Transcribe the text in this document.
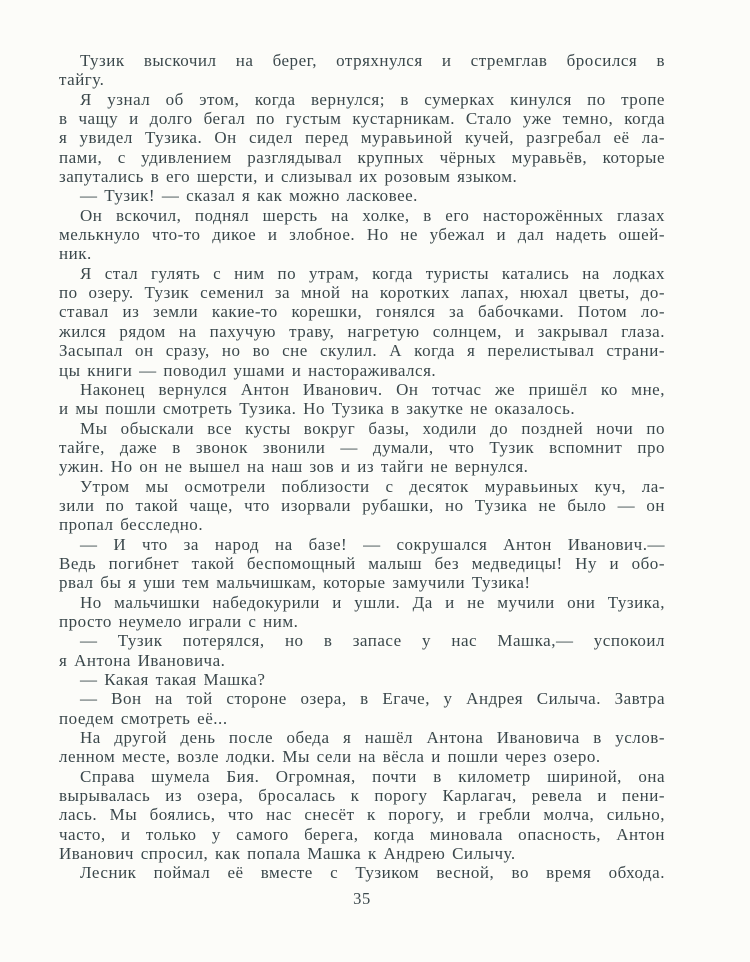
Тузик выскочил на берег, отряхнулся и стремглав бросился в
тайгу.
Я узнал об этом, когда вернулся; в сумерках кинулся по тропе
в чащу и долго бегал по густым кустарникам. Стало уже темно, когда
я увидел Тузика. Он сидел перед муравьиной кучей, разгребал её ла-
пами, с удивлением разглядывал крупных чёрных муравьёв, которые
запутались в его шерсти, и слизывал их розовым языком.
— Тузик! — сказал я как можно ласковее.
Он вскочил, поднял шерсть на холке, в его насторожённых глазах
мелькнуло что-то дикое и злобное. Но не убежал и дал надеть ошей-
ник.
Я стал гулять с ним по утрам, когда туристы катались на лодках
по озеру. Тузик семенил за мной на коротких лапах, нюхал цветы, до-
ставал из земли какие-то корешки, гонялся за бабочками. Потом ло-
жился рядом на пахучую траву, нагретую солнцем, и закрывал глаза.
Засыпал он сразу, но во сне скулил. А когда я перелистывал страни-
цы книги — поводил ушами и настораживался.
Наконец вернулся Антон Иванович. Он тотчас же пришёл ко мне,
и мы пошли смотреть Тузика. Но Тузика в закутке не оказалось.
Мы обыскали все кусты вокруг базы, ходили до поздней ночи по
тайге, даже в звонок звонили — думали, что Тузик вспомнит про
ужин. Но он не вышел на наш зов и из тайги не вернулся.
Утром мы осмотрели поблизости с десяток муравьиных куч, ла-
зили по такой чаще, что изорвали рубашки, но Тузика не было — он
пропал бесследно.
— И что за народ на базе! — сокрушался Антон Иванович.—
Ведь погибнет такой беспомощный малыш без медведицы! Ну и обо-
рвал бы я уши тем мальчишкам, которые замучили Тузика!
Но мальчишки набедокурили и ушли. Да и не мучили они Тузика,
просто неумело играли с ним.
— Тузик потерялся, но в запасе у нас Машка,— успокоил
я Антона Ивановича.
— Какая такая Машка?
— Вон на той стороне озера, в Егаче, у Андрея Силыча. Завтра
поедем смотреть её...
На другой день после обеда я нашёл Антона Ивановича в услов-
ленном месте, возле лодки. Мы сели на вёсла и пошли через озеро.
Справа шумела Бия. Огромная, почти в километр шириной, она
вырывалась из озера, бросалась к порогу Карлагач, ревела и пени-
лась. Мы боялись, что нас снесёт к порогу, и гребли молча, сильно,
часто, и только у самого берега, когда миновала опасность, Антон
Иванович спросил, как попала Машка к Андрею Силычу.
Лесник поймал её вместе с Тузиком весной, во время обхода.
35
